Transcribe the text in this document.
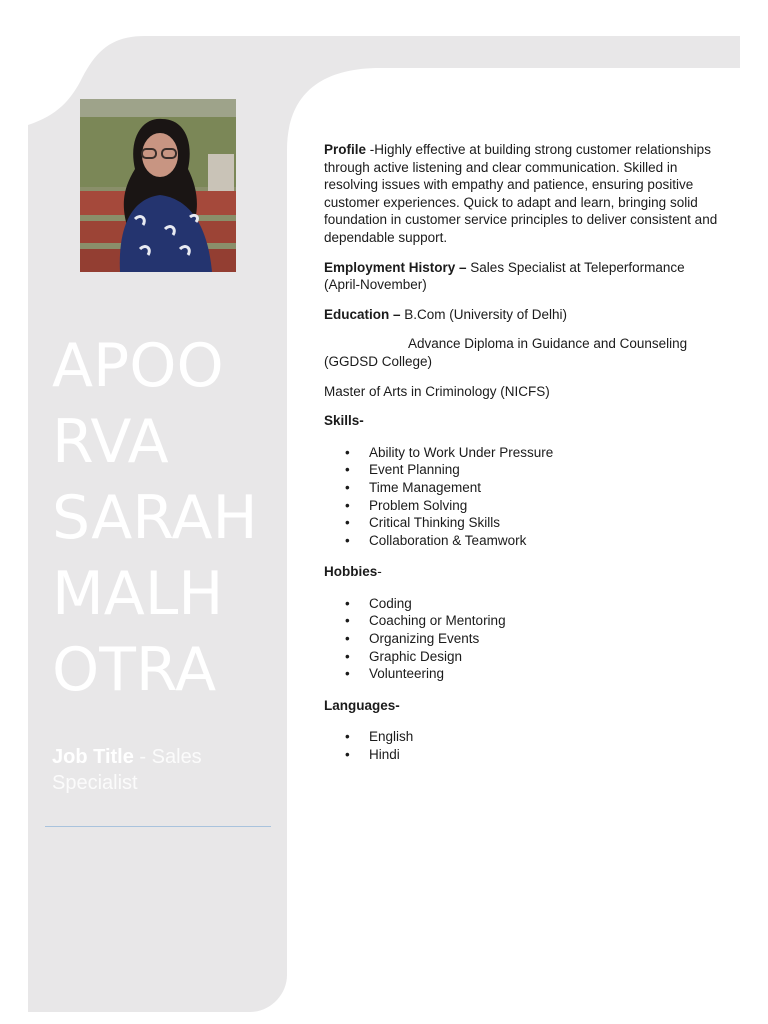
APOO
RVA
SARAH
MALH
OTRA
Job Title - Sales Specialist

Profile -Highly effective at building strong customer relationships through active listening and clear communication. Skilled in resolving issues with empathy and patience, ensuring positive customer experiences. Quick to adapt and learn, bringing solid foundation in customer service principles to deliver consistent and dependable support.

Employment History – Sales Specialist at Teleperformance (April-November)

Education – B.Com (University of Delhi)

Advance Diploma in Guidance and Counseling (GGDSD College)

Master of Arts in Criminology (NICFS)

Skills-

• Ability to Work Under Pressure
• Event Planning
• Time Management
• Problem Solving
• Critical Thinking Skills
• Collaboration & Teamwork

Hobbies-

• Coding
• Coaching or Mentoring
• Organizing Events
• Graphic Design
• Volunteering

Languages-

• English
• Hindi
